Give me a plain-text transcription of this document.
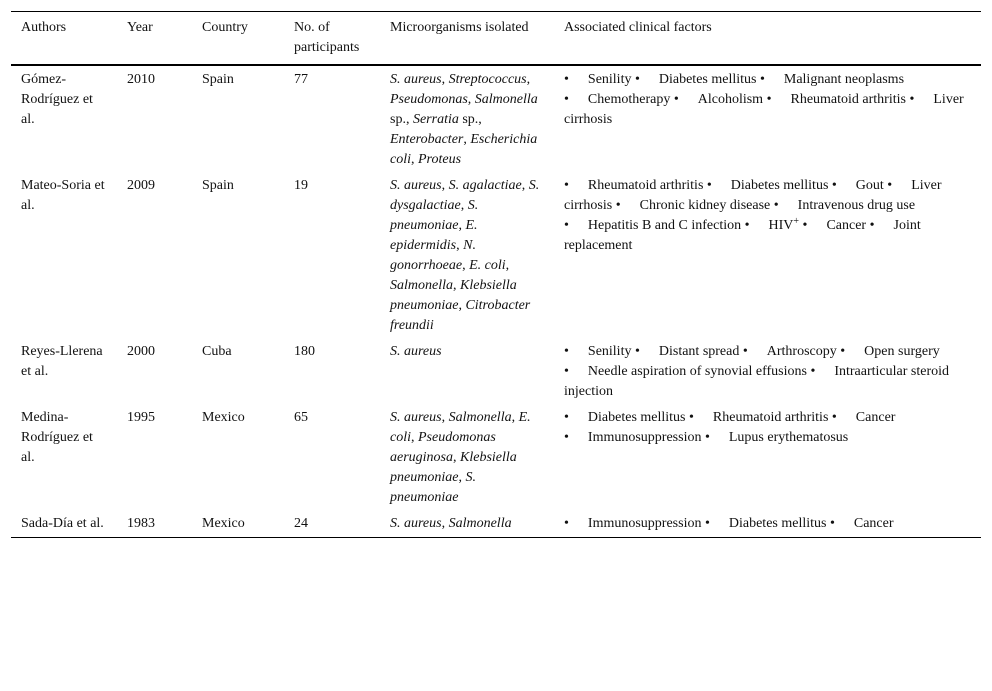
Authors	Year	Country	No. of participants	Microorganisms isolated	Associated clinical factors
Gómez-Rodríguez et al.	2010	Spain	77	S. aureus, Streptococcus, Pseudomonas, Salmonella sp., Serratia sp., Enterobacter, Escherichia coli, Proteus	• Senility • Diabetes mellitus • Malignant neoplasms • Chemotherapy • Alcoholism • Rheumatoid arthritis • Liver cirrhosis
Mateo-Soria et al.	2009	Spain	19	S. aureus, S. agalactiae, S. dysgalactiae, S. pneumoniae, E. epidermidis, N. gonorrhoeae, E. coli, Salmonella, Klebsiella pneumoniae, Citrobacter freundii	• Rheumatoid arthritis • Diabetes mellitus • Gout • Liver cirrhosis • Chronic kidney disease • Intravenous drug use • Hepatitis B and C infection • HIV+ • Cancer • Joint replacement
Reyes-Llerena et al.	2000	Cuba	180	S. aureus	• Senility • Distant spread • Arthroscopy • Open surgery • Needle aspiration of synovial effusions • Intraarticular steroid injection
Medina-Rodríguez et al.	1995	Mexico	65	S. aureus, Salmonella, E. coli, Pseudomonas aeruginosa, Klebsiella pneumoniae, S. pneumoniae	• Diabetes mellitus • Rheumatoid arthritis • Cancer • Immunosuppression • Lupus erythematosus
Sada-Día et al.	1983	Mexico	24	S. aureus, Salmonella	• Immunosuppression • Diabetes mellitus • Cancer
